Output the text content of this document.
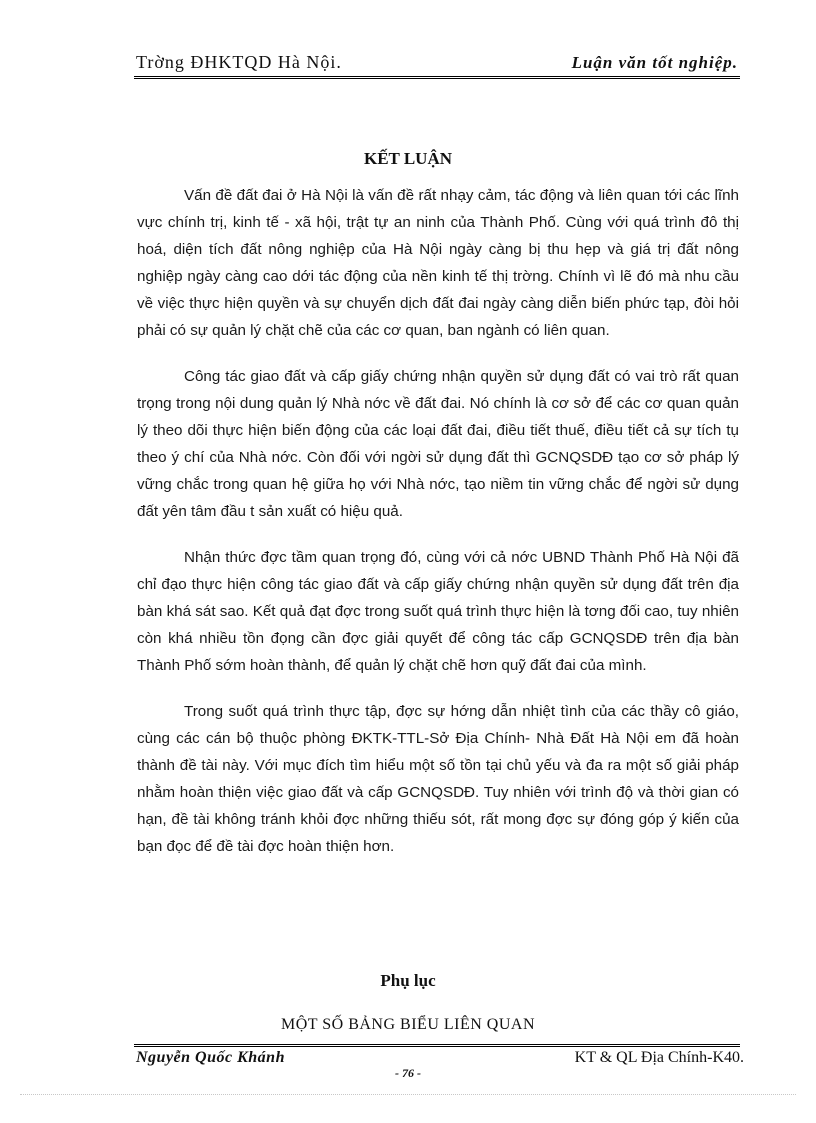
Trờng ĐHKTQD Hà Nội.	Luận văn tốt nghiệp.
KẾT LUẬN

Vấn đề đất đai ở Hà Nội là vấn đề rất nhạy cảm, tác động và liên quan tới các lĩnh vực chính trị, kinh tế - xã hội, trật tự an ninh của Thành Phố. Cùng với quá trình đô thị hoá, diện tích đất nông nghiệp của Hà Nội ngày càng bị thu hẹp và giá trị đất nông nghiệp ngày càng cao dới tác động của nền kinh tế thị trờng. Chính vì lẽ đó mà nhu cầu về việc thực hiện quyền và sự chuyển dịch đất đai ngày càng diễn biến phức tạp, đòi hỏi phải có sự quản lý chặt chẽ của các cơ quan, ban ngành có liên quan.

Công tác giao đất và cấp giấy chứng nhận quyền sử dụng đất có vai trò rất quan trọng trong nội dung quản lý Nhà nớc về đất đai. Nó chính là cơ sở để các cơ quan quản lý theo dõi thực hiện biến động của các loại đất đai, điều tiết thuế, điều tiết cả sự tích tụ theo ý chí của Nhà nớc. Còn đối với ngời sử dụng đất thì GCNQSDĐ tạo cơ sở pháp lý vững chắc trong quan hệ giữa họ với Nhà nớc, tạo niềm tin vững chắc để ngời sử dụng đất yên tâm đầu t sản xuất có hiệu quả.

Nhận thức đợc tầm quan trọng đó, cùng với cả nớc UBND Thành Phố Hà Nội đã chỉ đạo thực hiện công tác giao đất và cấp giấy chứng nhận quyền sử dụng đất trên địa bàn khá sát sao. Kết quả đạt đợc trong suốt quá trình thực hiện là tơng đối cao, tuy nhiên còn khá nhiều tồn đọng cần đợc giải quyết để công tác cấp GCNQSDĐ trên địa bàn Thành Phố sớm hoàn thành, để quản lý chặt chẽ hơn quỹ đất đai của mình.

Trong suốt quá trình thực tập, đợc sự hớng dẫn nhiệt tình của các thầy cô giáo, cùng các cán bộ thuộc phòng ĐKTK-TTL-Sở Địa Chính- Nhà Đất Hà Nội em đã hoàn thành đề tài này. Với mục đích tìm hiểu một số tồn tại chủ yếu và đa ra một số giải pháp nhằm hoàn thiện việc giao đất và cấp GCNQSDĐ. Tuy nhiên với trình độ và thời gian có hạn, đề tài không tránh khỏi đợc những thiếu sót, rất mong đợc sự đóng góp ý kiến của bạn đọc để đề tài đợc hoàn thiện hơn.

Phụ lục
MỘT SỐ BẢNG BIỂU LIÊN QUAN
Nguyễn Quốc Khánh	KT & QL Địa Chính-K40.
- 76 -
